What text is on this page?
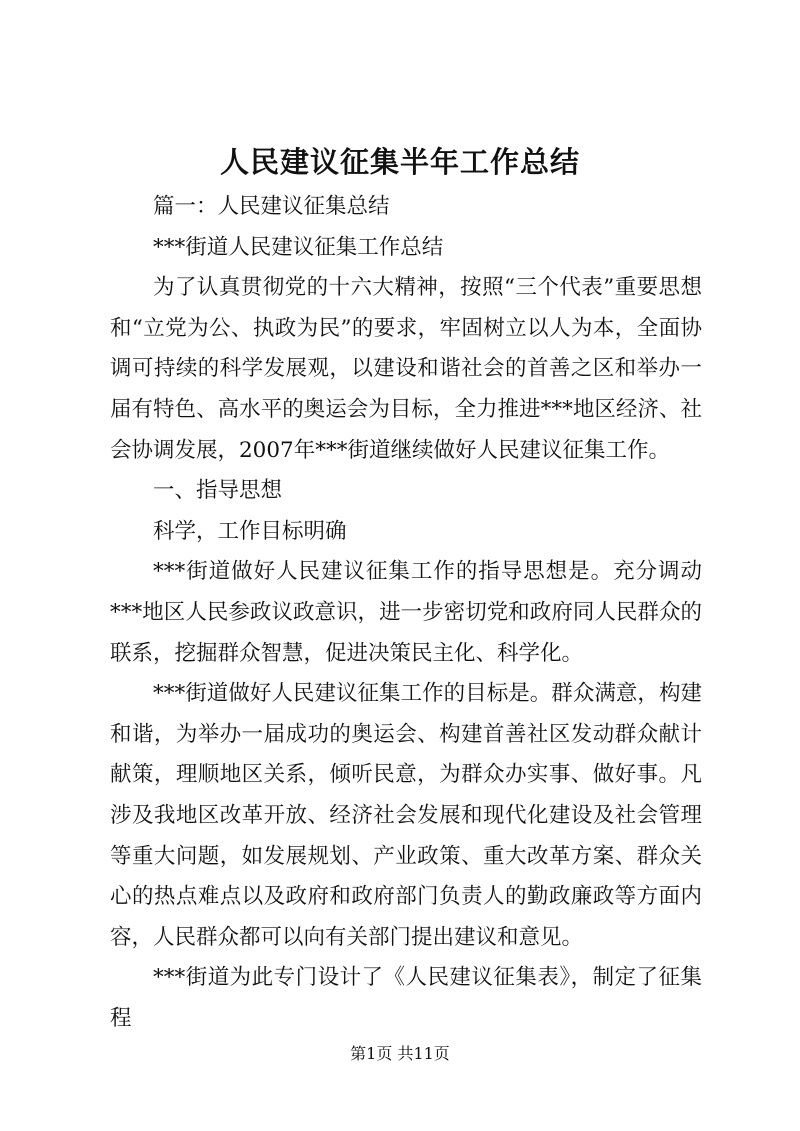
人民建议征集半年工作总结

篇一：人民建议征集总结

***街道人民建议征集工作总结

为了认真贯彻党的十六大精神，按照“三个代表”重要思想和“立党为公、执政为民”的要求，牢固树立以人为本，全面协调可持续的科学发展观，以建设和谐社会的首善之区和举办一届有特色、高水平的奥运会为目标，全力推进***地区经济、社会协调发展，2007年***街道继续做好人民建议征集工作。

一、指导思想

科学，工作目标明确

***街道做好人民建议征集工作的指导思想是。充分调动***地区人民参政议政意识，进一步密切党和政府同人民群众的联系，挖掘群众智慧，促进决策民主化、科学化。

***街道做好人民建议征集工作的目标是。群众满意，构建和谐，为举办一届成功的奥运会、构建首善社区发动群众献计献策，理顺地区关系，倾听民意，为群众办实事、做好事。凡涉及我地区改革开放、经济社会发展和现代化建设及社会管理等重大问题，如发展规划、产业政策、重大改革方案、群众关心的热点难点以及政府和政府部门负责人的勤政廉政等方面内容，人民群众都可以向有关部门提出建议和意见。

***街道为此专门设计了《人民建议征集表》，制定了征集程

第1页 共11页
